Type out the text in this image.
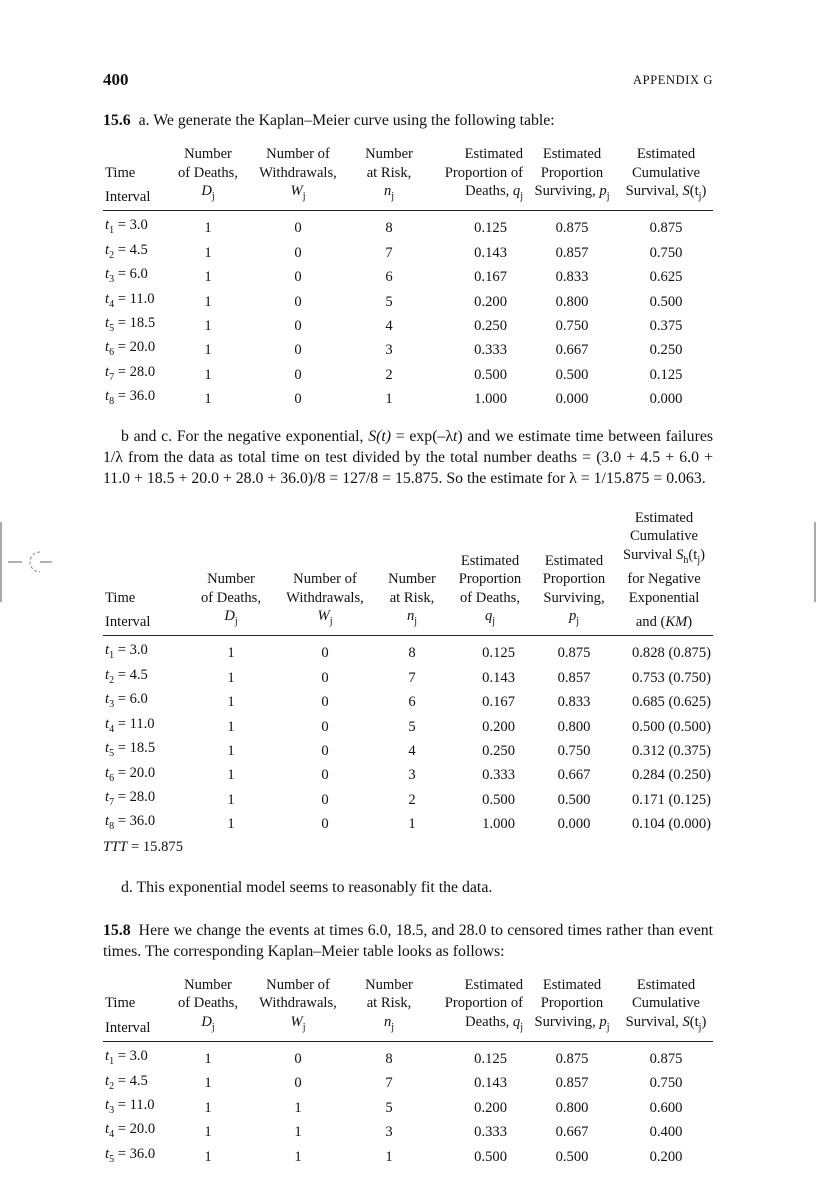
400	APPENDIX G

15.6 a. We generate the Kaplan–Meier curve using the following table:

	Number	Number of	Number	Estimated	Estimated	Estimated
Time	of Deaths,	Withdrawals,	at Risk,	Proportion of	Proportion	Cumulative
Interval	$D_j$	$W_j$	$n_j$	Deaths, $q_j$	Surviving, $p_j$	Survival, $S(t_j)$
$t_1 = 3.0$	1	0	8	0.125	0.875	0.875
$t_2 = 4.5$	1	0	7	0.143	0.857	0.750
$t_3 = 6.0$	1	0	6	0.167	0.833	0.625
$t_4 = 11.0$	1	0	5	0.200	0.800	0.500
$t_5 = 18.5$	1	0	4	0.250	0.750	0.375
$t_6 = 20.0$	1	0	3	0.333	0.667	0.250
$t_7 = 28.0$	1	0	2	0.500	0.500	0.125
$t_8 = 36.0$	1	0	1	1.000	0.000	0.000

b and c. For the negative exponential, S(t) = exp(–λt) and we estimate time between failures 1/λ from the data as total time on test divided by the total number deaths = (3.0 + 4.5 + 6.0 + 11.0 + 18.5 + 20.0 + 28.0 + 36.0)/8 = 127/8 = 15.875. So the estimate for λ = 1/15.875 = 0.063.

						Estimated
						Cumulative
				Estimated	Estimated	Survival $S_h(t_j)$
	Number	Number of	Number	Proportion	Proportion	for Negative
Time	of Deaths,	Withdrawals,	at Risk,	of Deaths,	Surviving,	Exponential
Interval	$D_j$	$W_j$	$n_j$	$q_j$	$p_j$	and (KM)
$t_1 = 3.0$	1	0	8	0.125	0.875	0.828 (0.875)
$t_2 = 4.5$	1	0	7	0.143	0.857	0.753 (0.750)
$t_3 = 6.0$	1	0	6	0.167	0.833	0.685 (0.625)
$t_4 = 11.0$	1	0	5	0.200	0.800	0.500 (0.500)
$t_5 = 18.5$	1	0	4	0.250	0.750	0.312 (0.375)
$t_6 = 20.0$	1	0	3	0.333	0.667	0.284 (0.250)
$t_7 = 28.0$	1	0	2	0.500	0.500	0.171 (0.125)
$t_8 = 36.0$	1	0	1	1.000	0.000	0.104 (0.000)
TTT = 15.875

d. This exponential model seems to reasonably fit the data.

15.8 Here we change the events at times 6.0, 18.5, and 28.0 to censored times rather than event times. The corresponding Kaplan–Meier table looks as follows:

	Number	Number of	Number	Estimated	Estimated	Estimated
Time	of Deaths,	Withdrawals,	at Risk,	Proportion of	Proportion	Cumulative
Interval	$D_j$	$W_j$	$n_j$	Deaths, $q_j$	Surviving, $p_j$	Survival, $S(t_j)$
$t_1 = 3.0$	1	0	8	0.125	0.875	0.875
$t_2 = 4.5$	1	0	7	0.143	0.857	0.750
$t_3 = 11.0$	1	1	5	0.200	0.800	0.600
$t_4 = 20.0$	1	1	3	0.333	0.667	0.400
$t_5 = 36.0$	1	1	1	0.500	0.500	0.200
